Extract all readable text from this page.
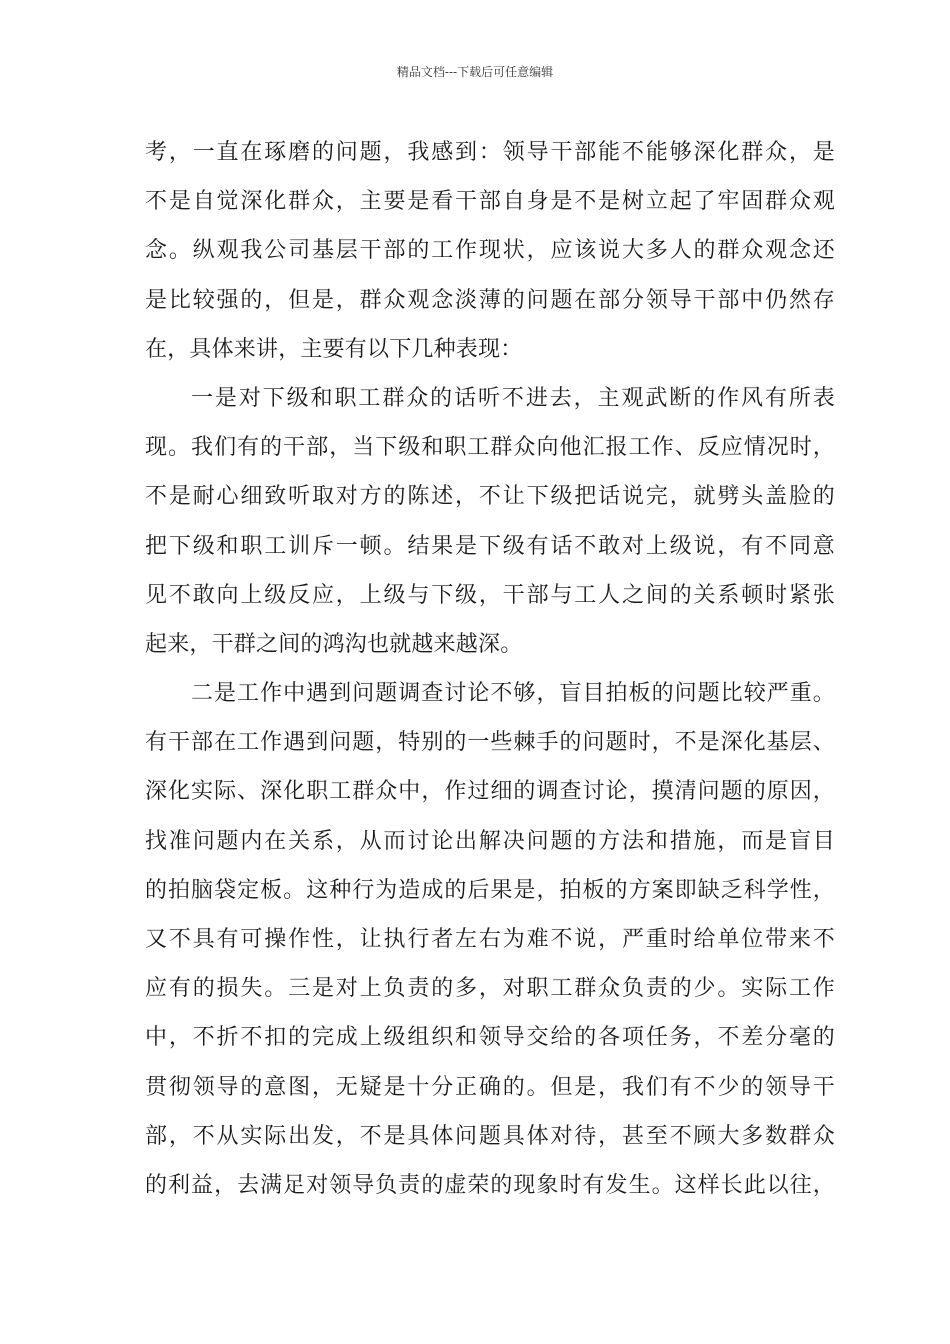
精品文档---下载后可任意编辑
考，一直在琢磨的问题，我感到：领导干部能不能够深化群众，是
不是自觉深化群众，主要是看干部自身是不是树立起了牢固群众观
念。纵观我公司基层干部的工作现状，应该说大多人的群众观念还
是比较强的，但是，群众观念淡薄的问题在部分领导干部中仍然存
在，具体来讲，主要有以下几种表现：
一是对下级和职工群众的话听不进去，主观武断的作风有所表
现。我们有的干部，当下级和职工群众向他汇报工作、反应情况时，
不是耐心细致听取对方的陈述，不让下级把话说完，就劈头盖脸的
把下级和职工训斥一顿。结果是下级有话不敢对上级说，有不同意
见不敢向上级反应，上级与下级，干部与工人之间的关系顿时紧张
起来，干群之间的鸿沟也就越来越深。
二是工作中遇到问题调查讨论不够，盲目拍板的问题比较严重。
有干部在工作遇到问题，特别的一些棘手的问题时，不是深化基层、
深化实际、深化职工群众中，作过细的调查讨论，摸清问题的原因，
找准问题内在关系，从而讨论出解决问题的方法和措施，而是盲目
的拍脑袋定板。这种行为造成的后果是，拍板的方案即缺乏科学性，
又不具有可操作性，让执行者左右为难不说，严重时给单位带来不
应有的损失。三是对上负责的多，对职工群众负责的少。实际工作
中，不折不扣的完成上级组织和领导交给的各项任务，不差分毫的
贯彻领导的意图，无疑是十分正确的。但是，我们有不少的领导干
部，不从实际出发，不是具体问题具体对待，甚至不顾大多数群众
的利益，去满足对领导负责的虚荣的现象时有发生。这样长此以往，
